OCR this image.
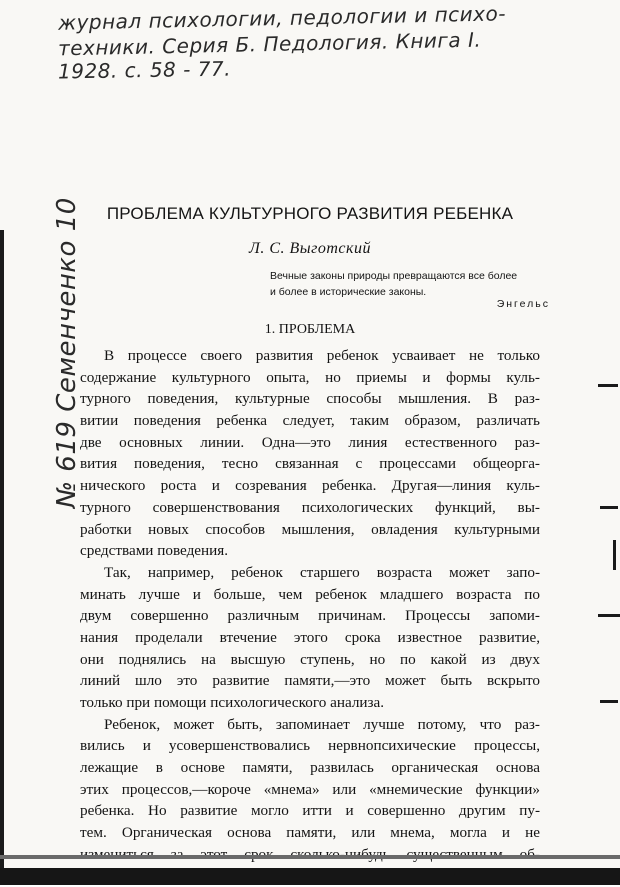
журнал психологии, педологии и психо-
техники. Серия Б. Педология. Книга I.
1928. с. 58 - 77.
№ 619 Семенченко 10	ПРОБЛЕМА КУЛЬТУРНОГО РАЗВИТИЯ РЕБЕНКА
Л. С. Выготский
Вечные законы природы превращаются все более
и более в исторические законы.
Энгельс
1. ПРОБЛЕМА
В процессе своего развития ребенок усваивает не только
содержание культурного опыта, но приемы и формы куль-
турного поведения, культурные способы мышления. В раз-
витии поведения ребенка следует, таким образом, различать
две основных линии. Одна—это линия естественного раз-
вития поведения, тесно связанная с процессами общеорга-
нического роста и созревания ребенка. Другая—линия куль-
турного совершенствования психологических функций, вы-
работки новых способов мышления, овладения культурными
средствами поведения.
Так, например, ребенок старшего возраста может запо-
минать лучше и больше, чем ребенок младшего возраста по
двум совершенно различным причинам. Процессы запоми-
нания проделали втечение этого срока известное развитие,
они поднялись на высшую ступень, но по какой из двух
линий шло это развитие памяти,—это может быть вскрыто
только при помощи психологического анализа.
Ребенок, может быть, запоминает лучше потому, что раз-
вились и усовершенствовались нервнопсихические процессы,
лежащие в основе памяти, развилась органическая основа
этих процессов,—короче «мнема» или «мнемические функции»
ребенка. Но развитие могло итти и совершенно другим пу-
тем. Органическая основа памяти, или мнема, могла и не
